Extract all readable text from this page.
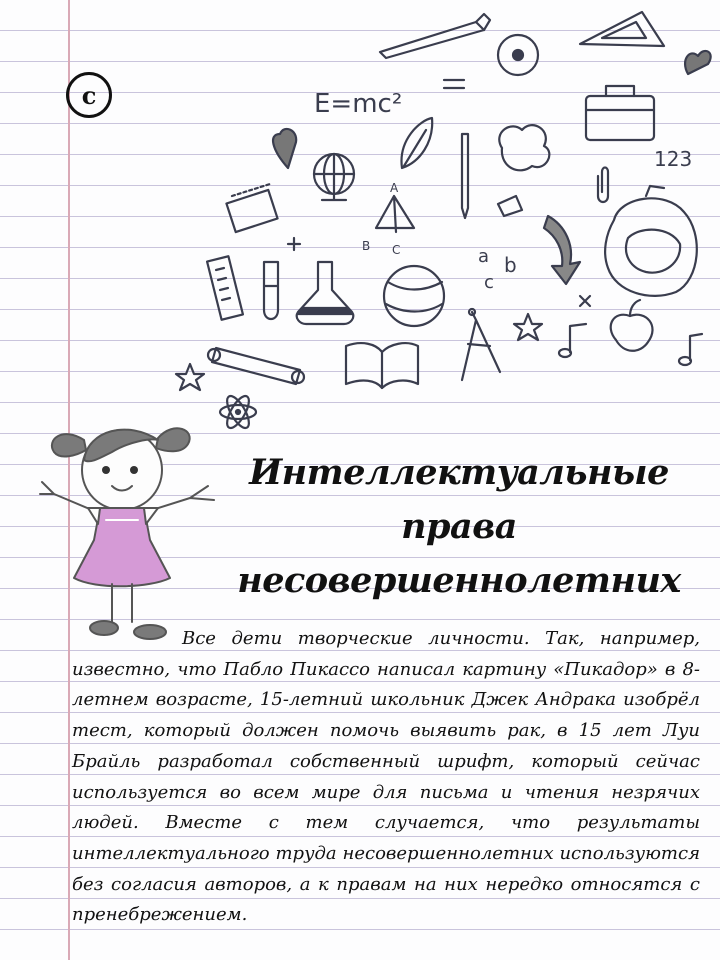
E=mc²
123
A
B C	a b
c
c
Интеллектуальные права
несовершеннолетних

Все дети творческие личности. Так, например, известно, что Пабло Пикассо написал картину «Пикадор» в 8-летнем возрасте, 15-летний школьник Джек Андрака изобрёл тест, который должен помочь выявить рак, в 15 лет Луи Брайль разработал собственный шрифт, который сейчас используется во всем мире для письма и чтения незрячих людей. Вместе с тем случается, что результаты интеллектуального труда несовершеннолетних используются без согласия авторов, а к правам на них нередко относятся с пренебрежением.
